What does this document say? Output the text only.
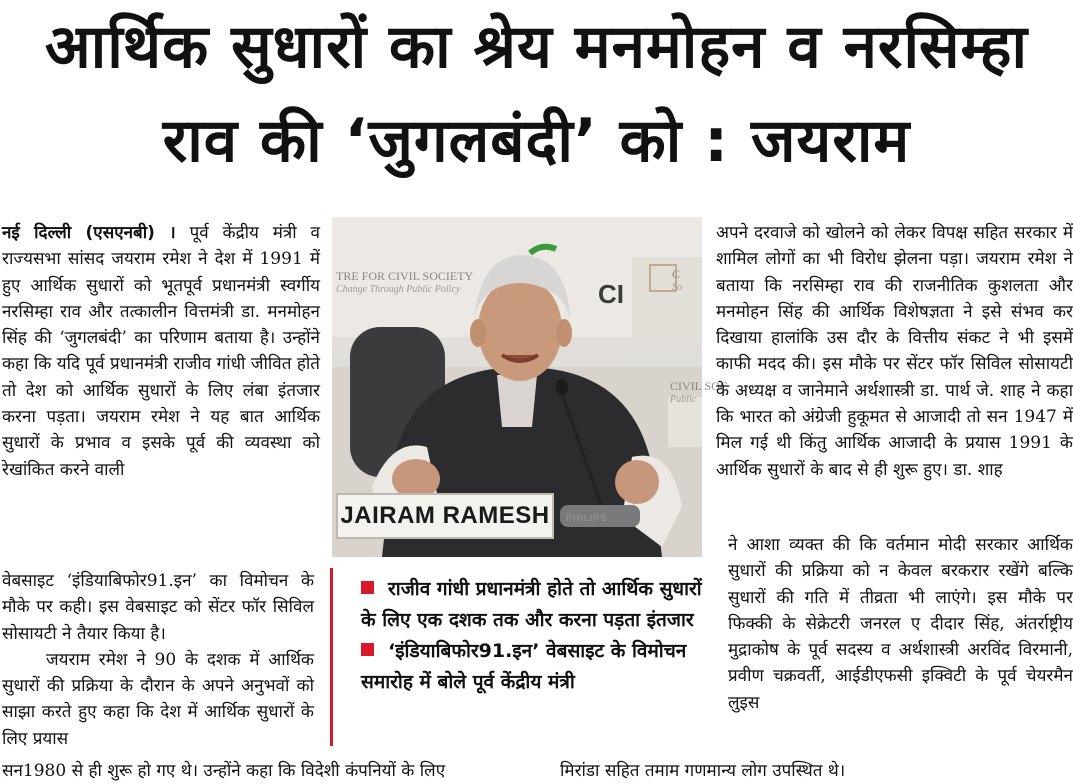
आर्थिक सुधारों का श्रेय मनमोहन व नरसिम्हा
राव की ‘जुगलबंदी’ को : जयराम

नई दिल्ली (एसएनबी) । पूर्व केंद्रीय मंत्री व राज्यसभा सांसद जयराम रमेश ने देश में 1991 में हुए आर्थिक सुधारों को भूतपूर्व प्रधानमंत्री स्वर्गीय नरसिम्हा राव और तत्कालीन वित्तमंत्री डा. मनमोहन सिंह की ‘जुगलबंदी’ का परिणाम बताया है। उन्होंने कहा कि यदि पूर्व प्रधानमंत्री राजीव गांधी जीवित होते तो देश को आर्थिक सुधारों के लिए लंबा इंतजार करना पड़ता। जयराम रमेश ने यह बात आर्थिक सुधारों के प्रभाव व इसके पूर्व की व्यवस्था को रेखांकित करने वाली

वेबसाइट ‘इंडियाबिफोर91.इन’ का विमोचन के मौके पर कही। इस वेबसाइट को सेंटर फॉर सिविल सोसायटी ने तैयार किया है।

जयराम रमेश ने 90 के दशक में आर्थिक सुधारों की प्रक्रिया के दौरान के अपने अनुभवों को साझा करते हुए कहा कि देश में आर्थिक सुधारों के लिए प्रयास

सन1980 से ही शुरू हो गए थे। उन्होंने कहा कि विदेशी कंपनियों के लिए
TRE FOR CIVIL SOCIETY
Change Through Public Policy	CI
C
So
CIVIL SOC
Public
JAIRAM RAMESH	PHILIPS
राजीव गांधी प्रधानमंत्री होते तो आर्थिक सुधारों के लिए एक दशक तक और करना पड़ता इंतजार
‘इंडियाबिफोर91.इन’ वेबसाइट के विमोचन समारोह में बोले पूर्व केंद्रीय मंत्री

अपने दरवाजे को खोलने को लेकर विपक्ष सहित सरकार में शामिल लोगों का भी विरोध झेलना पड़ा। जयराम रमेश ने बताया कि नरसिम्हा राव की राजनीतिक कुशलता और मनमोहन सिंह की आर्थिक विशेषज्ञता ने इसे संभव कर दिखाया हालांकि उस दौर के वित्तीय संकट ने भी इसमें काफी मदद की। इस मौके पर सेंटर फॉर सिविल सोसायटी के अध्यक्ष व जानेमाने अर्थशास्त्री डा. पार्थ जे. शाह ने कहा कि भारत को अंग्रेजी हुकूमत से आजादी तो सन 1947 में मिल गई थी किंतु आर्थिक आजादी के प्रयास 1991 के आर्थिक सुधारों के बाद से ही शुरू हुए। डा. शाह

ने आशा व्यक्त की कि वर्तमान मोदी सरकार आर्थिक सुधारों की प्रक्रिया को न केवल बरकरार रखेंगे बल्कि सुधारों की गति में तीव्रता भी लाएंगे। इस मौके पर फिक्की के सेक्रेटरी जनरल ए दीदार सिंह, अंतर्राष्ट्रीय मुद्राकोष के पूर्व सदस्य व अर्थशास्त्री अरविंद विरमानी, प्रवीण चक्रवर्ती, आईडीएफसी इक्विटी के पूर्व चेयरमैन लुइस

मिरांडा सहित तमाम गणमान्य लोग उपस्थित थे।
